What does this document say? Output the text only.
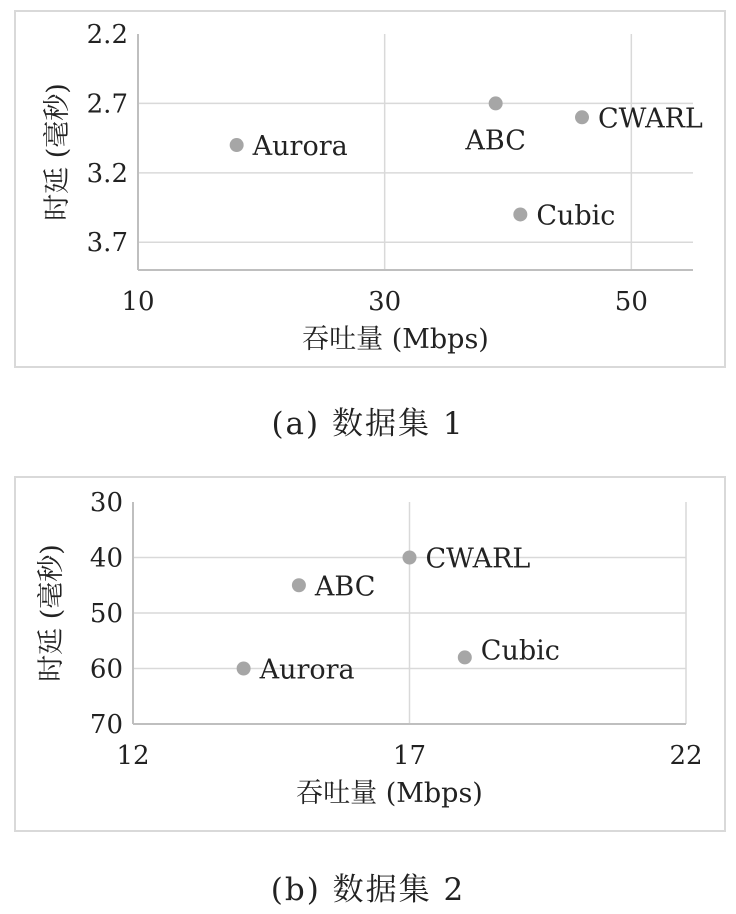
2.2
2.7
3.2
3.7
10	30	50
CWARL
ABC
Aurora
Cubic
吞吐量 (Mbps)
时延 (毫秒)
(a) 数据集 1
30
40
50
60
70
12	17	22
CWARL
ABC
Aurora
Cubic
吞吐量 (Mbps)
时延 (毫秒)
(b) 数据集 2
